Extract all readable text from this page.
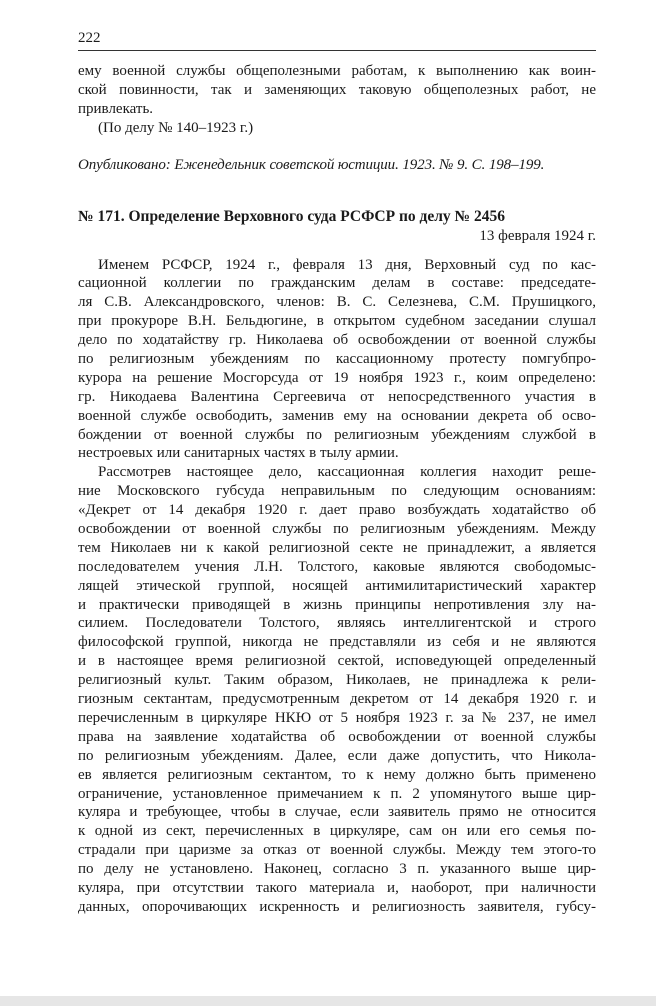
222
ему военной службы общеполезными работам, к выполнению как воин-
ской повинности, так и заменяющих таковую общеполезных работ, не
привлекать.
(По делу № 140–1923 г.)
Опубликовано: Еженедельник советской юстиции. 1923. № 9. С. 198–199.
№ 171. Определение Верховного суда РСФСР по делу № 2456
13 февраля 1924 г.
Именем РСФСР, 1924 г., февраля 13 дня, Верховный суд по кас-
сационной коллегии по гражданским делам в составе: председате-
ля С.В. Александровского, членов: В. С. Селезнева, С.М. Прушицкого,
при прокуроре В.Н. Бельдюгине, в открытом судебном заседании слушал
дело по ходатайству гр. Николаева об освобождении от военной службы
по религиозным убеждениям по кассационному протесту помгубпро-
курора на решение Мосгорсуда от 19 ноября 1923 г., коим определено:
гр. Никодаева Валентина Сергеевича от непосредственного участия в
военной службе освободить, заменив ему на основании декрета об осво-
бождении от военной службы по религиозным убеждениям службой в
нестроевых или санитарных частях в тылу армии.
Рассмотрев настоящее дело, кассационная коллегия находит реше-
ние Московского губсуда неправильным по следующим основаниям:
«Декрет от 14 декабря 1920 г. дает право возбуждать ходатайство об
освобождении от военной службы по религиозным убеждениям. Между
тем Николаев ни к какой религиозной секте не принадлежит, а является
последователем учения Л.Н. Толстого, каковые являются свободомыс-
лящей этической группой, носящей антимилитаристический характер
и практически приводящей в жизнь принципы непротивления злу на-
силием. Последователи Толстого, являясь интеллигентской и строго
философской группой, никогда не представляли из себя и не являются
и в настоящее время религиозной сектой, исповедующей определенный
религиозный культ. Таким образом, Николаев, не принадлежа к рели-
гиозным сектантам, предусмотренным декретом от 14 декабря 1920 г. и
перечисленным в циркуляре НКЮ от 5 ноября 1923 г. за № 237, не имел
права на заявление ходатайства об освобождении от военной службы
по религиозным убеждениям. Далее, если даже допустить, что Никола-
ев является религиозным сектантом, то к нему должно быть применено
ограничение, установленное примечанием к п. 2 упомянутого выше цир-
куляра и требующее, чтобы в случае, если заявитель прямо не относится
к одной из сект, перечисленных в циркуляре, сам он или его семья по-
страдали при царизме за отказ от военной службы. Между тем этого-то
по делу не установлено. Наконец, согласно 3 п. указанного выше цир-
куляра, при отсутствии такого материала и, наоборот, при наличности
данных, опорочивающих искренность и религиозность заявителя, губсу-
